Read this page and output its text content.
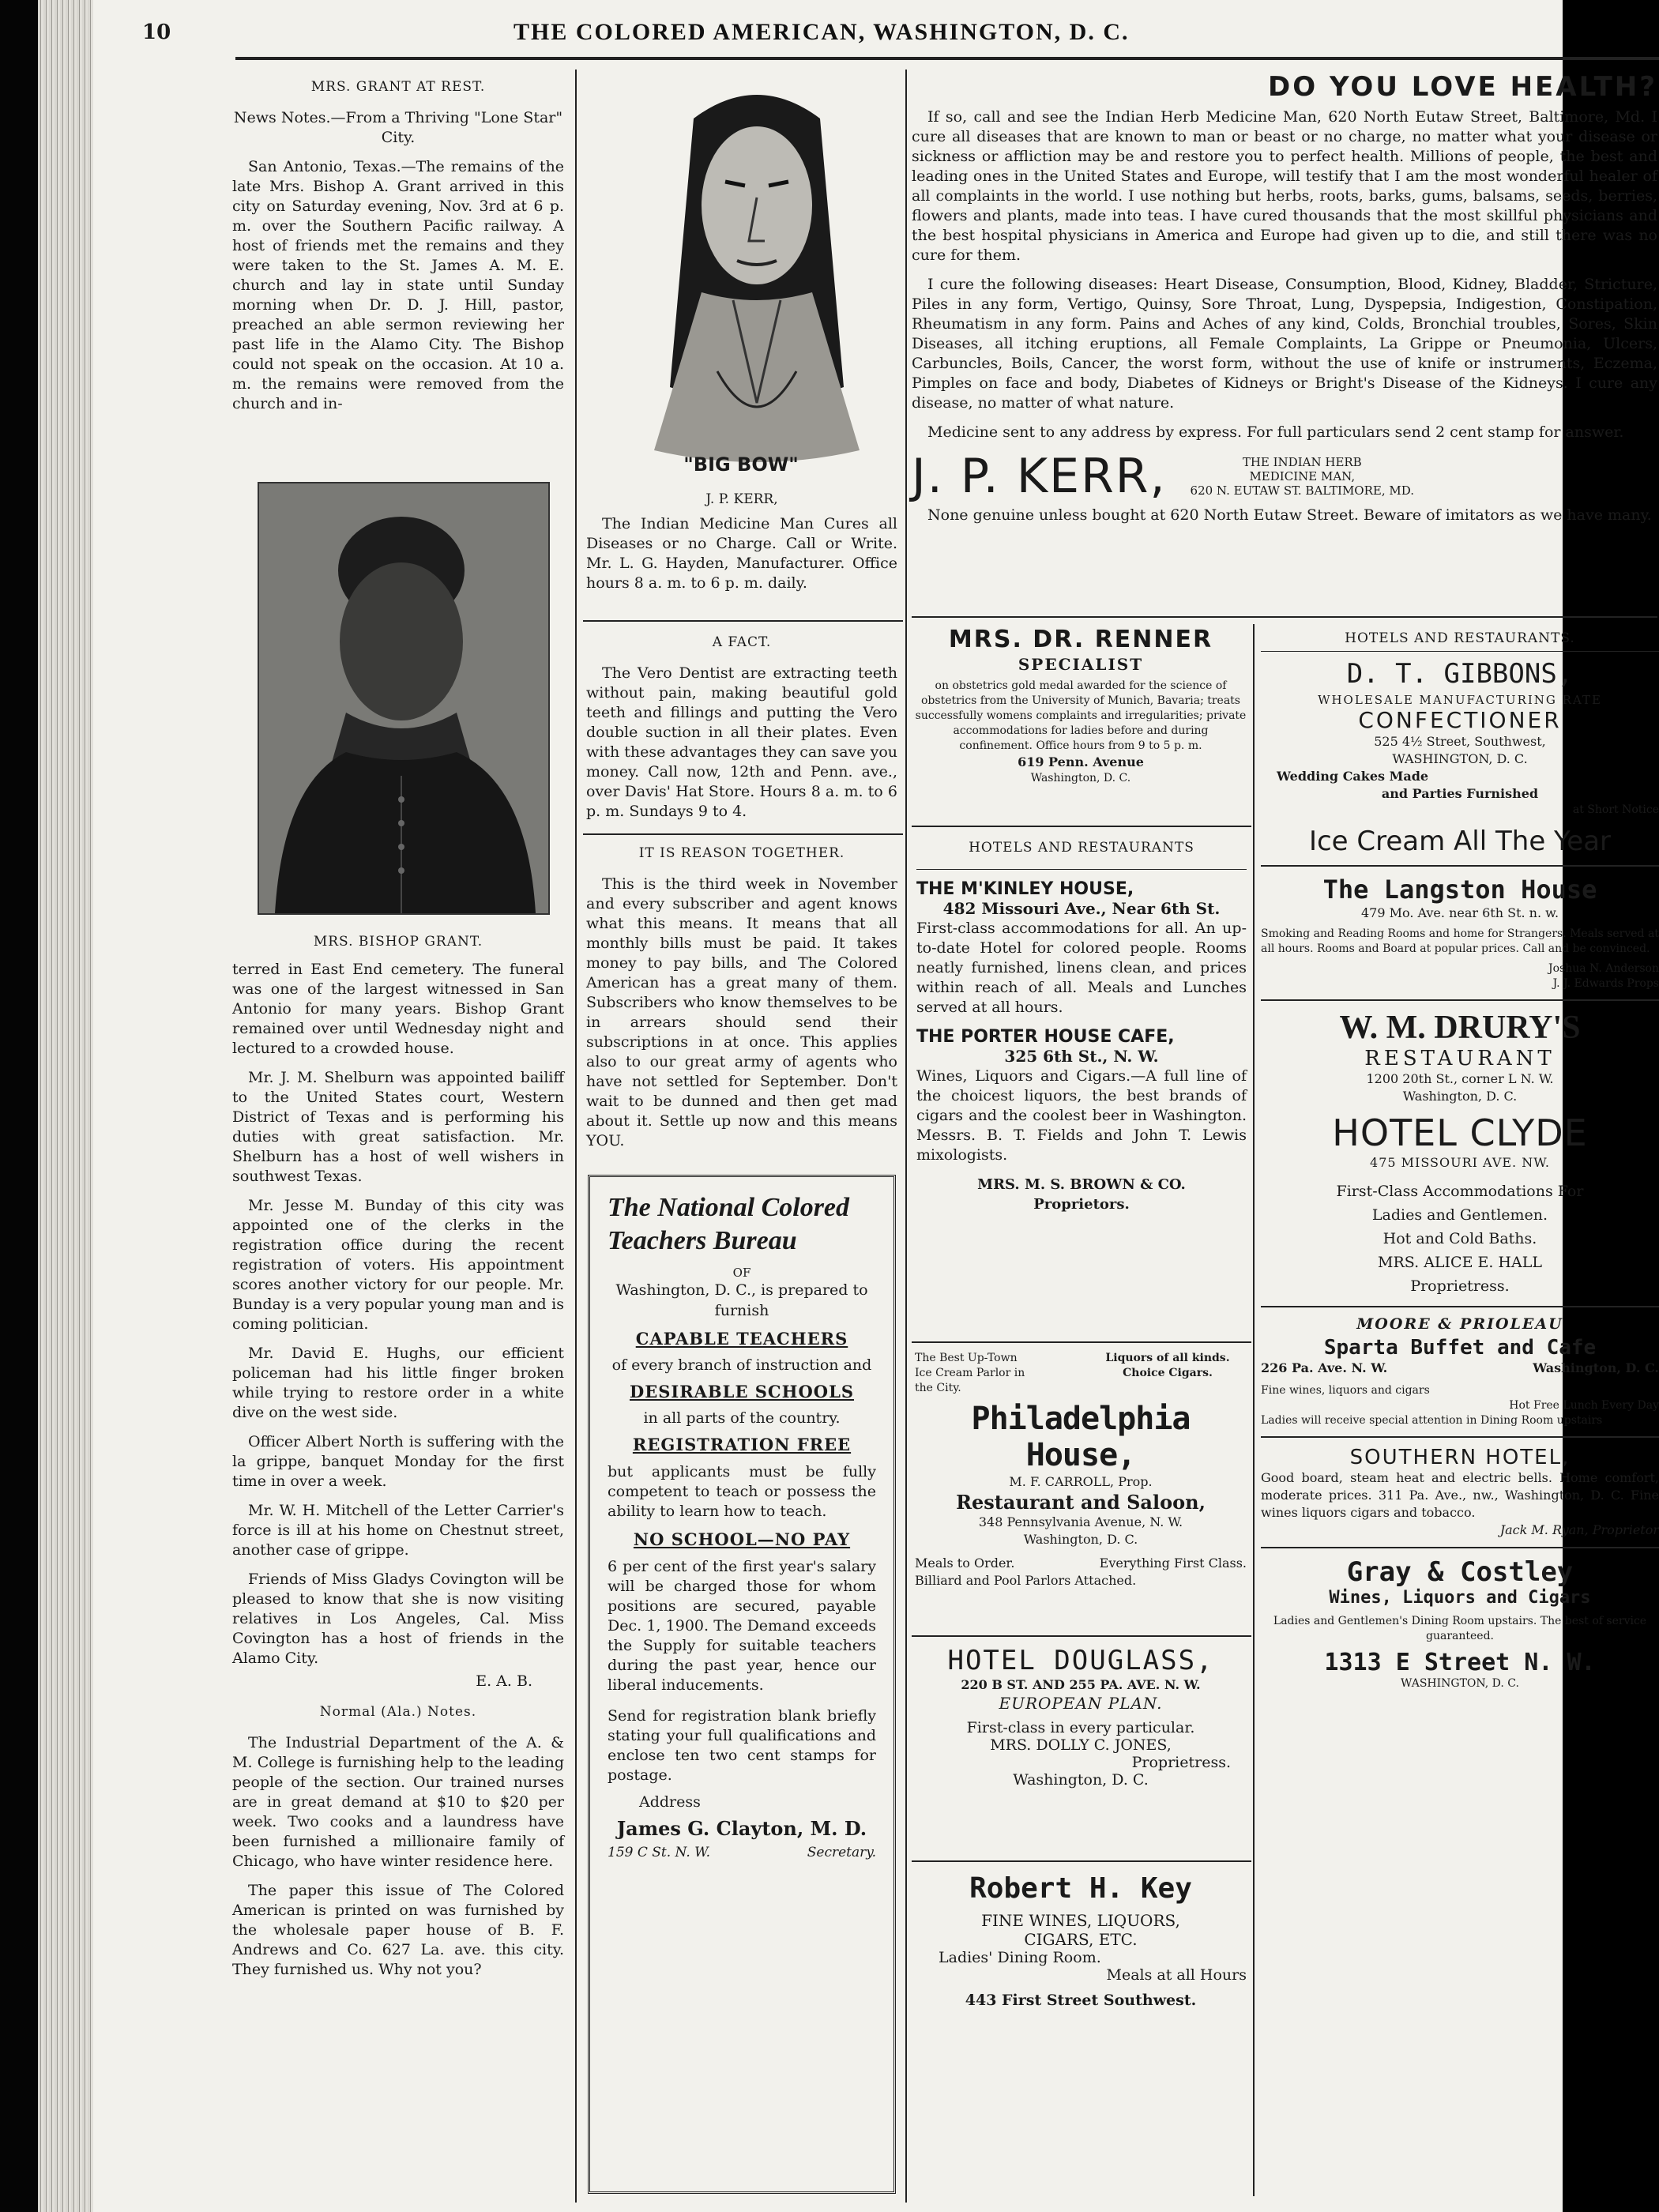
10	THE COLORED AMERICAN, WASHINGTON, D. C.
MRS. GRANT AT REST.

News Notes.—From a Thriving "Lone Star" City.

San Antonio, Texas.—The remains of the late Mrs. Bishop A. Grant arrived in this city on Saturday evening, Nov. 3rd at 6 p. m. over the Southern Pacific railway. A host of friends met the remains and they were taken to the St. James A. M. E. church and lay in state until Sunday morning when Dr. D. J. Hill, pastor, preached an able sermon reviewing her past life in the Alamo City. The Bishop could not speak on the occasion. At 10 a. m. the remains were removed from the church and in-

MRS. BISHOP GRANT.

terred in East End cemetery. The funeral was one of the largest witnessed in San Antonio for many years. Bishop Grant remained over until Wednesday night and lectured to a crowded house.

Mr. J. M. Shelburn was appointed bailiff to the United States court, Western District of Texas and is performing his duties with great satisfaction. Mr. Shelburn has a host of well wishers in southwest Texas.

Mr. Jesse M. Bunday of this city was appointed one of the clerks in the registration office during the recent registration of voters. His appointment scores another victory for our people. Mr. Bunday is a very popular young man and is coming politician.

Mr. David E. Hughs, our efficient policeman had his little finger broken while trying to restore order in a white dive on the west side.

Officer Albert North is suffering with the la grippe, banquet Monday for the first time in over a week.

Mr. W. H. Mitchell of the Letter Carrier's force is ill at his home on Chestnut street, another case of grippe.

Friends of Miss Gladys Covington will be pleased to know that she is now visiting relatives in Los Angeles, Cal. Miss Covington has a host of friends in the Alamo City.

E. A. B.
Normal (Ala.) Notes.

The Industrial Department of the A. & M. College is furnishing help to the leading people of the section. Our trained nurses are in great demand at $10 to $20 per week. Two cooks and a laundress have been furnished a millionaire family of Chicago, who have winter residence here.

The paper this issue of The Colored American is printed on was furnished by the wholesale paper house of B. F. Andrews and Co. 627 La. ave. this city. They furnished us. Why not you?

"BIG BOW"
J. P. KERR,

The Indian Medicine Man Cures all Diseases or no Charge. Call or Write. Mr. L. G. Hayden, Manufacturer. Office hours 8 a. m. to 6 p. m. daily.

A FACT.

The Vero Dentist are extracting teeth without pain, making beautiful gold teeth and fillings and putting the Vero double suction in all their plates. Even with these advantages they can save you money. Call now, 12th and Penn. ave., over Davis' Hat Store. Hours 8 a. m. to 6 p. m. Sundays 9 to 4.

IT IS REASON TOGETHER.

This is the third week in November and every subscriber and agent knows what this means. It means that all monthly bills must be paid. It takes money to pay bills, and The Colored American has a great many of them. Subscribers who know themselves to be in arrears should send their subscriptions in at once. This applies also to our great army of agents who have not settled for September. Don't wait to be dunned and then get mad about it. Settle up now and this means YOU.

The National Colored Teachers Bureau
OF
Washington, D. C., is prepared to furnish
CAPABLE TEACHERS
of every branch of instruction and
DESIRABLE SCHOOLS
in all parts of the country.
REGISTRATION FREE
but applicants must be fully competent to teach or possess the ability to learn how to teach.
NO SCHOOL—NO PAY
6 per cent of the first year's salary will be charged those for whom positions are secured, payable Dec. 1, 1900. The Demand exceeds the Supply for suitable teachers during the past year, hence our liberal inducements.
Send for registration blank briefly stating your full qualifications and enclose ten two cent stamps for postage.
Address
James G. Clayton, M. D.
159 C St. N. W.	Secretary.
DO YOU LOVE HEALTH?

If so, call and see the Indian Herb Medicine Man, 620 North Eutaw Street, Baltimore, Md. I cure all diseases that are known to man or beast or no charge, no matter what your disease or sickness or affliction may be and restore you to perfect health. Millions of people, the best and leading ones in the United States and Europe, will testify that I am the most wonderful healer of all complaints in the world. I use nothing but herbs, roots, barks, gums, balsams, seeds, berries, flowers and plants, made into teas. I have cured thousands that the most skillful physicians and the best hospital physicians in America and Europe had given up to die, and still there was no cure for them.

I cure the following diseases: Heart Disease, Consumption, Blood, Kidney, Bladder, Stricture, Piles in any form, Vertigo, Quinsy, Sore Throat, Lung, Dyspepsia, Indigestion, Constipation, Rheumatism in any form. Pains and Aches of any kind, Colds, Bronchial troubles, Sores, Skin Diseases, all itching eruptions, all Female Complaints, La Grippe or Pneumonia, Ulcers, Carbuncles, Boils, Cancer, the worst form, without the use of knife or instruments, Eczema, Pimples on face and body, Diabetes of Kidneys or Bright's Disease of the Kidneys. I cure any disease, no matter of what nature.

Medicine sent to any address by express. For full particulars send 2 cent stamp for answer.

J. P. KERR,	THE INDIAN HERB
MEDICINE MAN,
620 N. EUTAW ST. BALTIMORE, MD.

None genuine unless bought at 620 North Eutaw Street. Beware of imitators as we have many.

MRS. DR. RENNER
SPECIALIST
on obstetrics gold medal awarded for the science of obstetrics from the University of Munich, Bavaria; treats successfully womens complaints and irregularities; private accommodations for ladies before and during confinement. Office hours from 9 to 5 p. m.
619 Penn. Avenue
Washington, D. C.
HOTELS AND RESTAURANTS
THE M'KINLEY HOUSE,
482 Missouri Ave., Near 6th St.

First-class accommodations for all. An up-to-date Hotel for colored people. Rooms neatly furnished, linens clean, and prices within reach of all. Meals and Lunches served at all hours.

THE PORTER HOUSE CAFE,
325 6th St., N. W.

Wines, Liquors and Cigars.—A full line of the choicest liquors, the best brands of cigars and the coolest beer in Washington. Messrs. B. T. Fields and John T. Lewis mixologists.

MRS. M. S. BROWN & CO.
Proprietors.
The Best Up-Town Ice Cream Parlor in the City.
Liquors of all kinds. Choice Cigars.
Philadelphia House,
M. F. CARROLL, Prop.
Restaurant and Saloon,
348 Pennsylvania Avenue, N. W.
Washington, D. C.
Meals to Order.	Everything First Class.
Billiard and Pool Parlors Attached.
HOTEL DOUGLASS,
220 B ST. AND 255 PA. AVE. N. W.
EUROPEAN PLAN.
First-class in every particular.
MRS. DOLLY C. JONES,
Proprietress.
Washington, D. C.
Robert H. Key
FINE WINES, LIQUORS,
CIGARS, ETC.
Ladies' Dining Room.
Meals at all Hours
443 First Street Southwest.
HOTELS AND RESTAURANTS.
D. T. GIBBONS,
WHOLESALE MANUFACTURING RATE
CONFECTIONER
525 4½ Street, Southwest,
WASHINGTON, D. C.
Wedding Cakes Made
and Parties Furnished
at Short Notice
Ice Cream All The Year
The Langston House
479 Mo. Ave. near 6th St. n. w.
Smoking and Reading Rooms and home for Strangers. Meals served at all hours. Rooms and Board at popular prices. Call and be convinced.
Joshua N. Anderson
J. J. Edwards Props
W. M. DRURY'S
RESTAURANT
1200 20th St., corner L N. W.
Washington, D. C.
HOTEL CLYDE
475 MISSOURI AVE. NW.
First-Class Accommodations For
Ladies and Gentlemen.
Hot and Cold Baths.
MRS. ALICE E. HALL
Proprietress.
MOORE & PRIOLEAU
Sparta Buffet and Cafe
226 Pa. Ave. N. W.	Washington, D. C.
Fine wines, liquors and cigars
Hot Free Lunch Every Day
Ladies will receive special attention in Dining Room upstairs
SOUTHERN HOTEL,
Good board, steam heat and electric bells. Home comfort, moderate prices. 311 Pa. Ave., nw., Washington, D. C. Fine wines liquors cigars and tobacco.
Jack M. Ryan, Proprietor
Gray & Costley
Wines, Liquors and Cigars
Ladies and Gentlemen's Dining Room upstairs. The best of service guaranteed.
1313 E Street N. W.
WASHINGTON, D. C.
